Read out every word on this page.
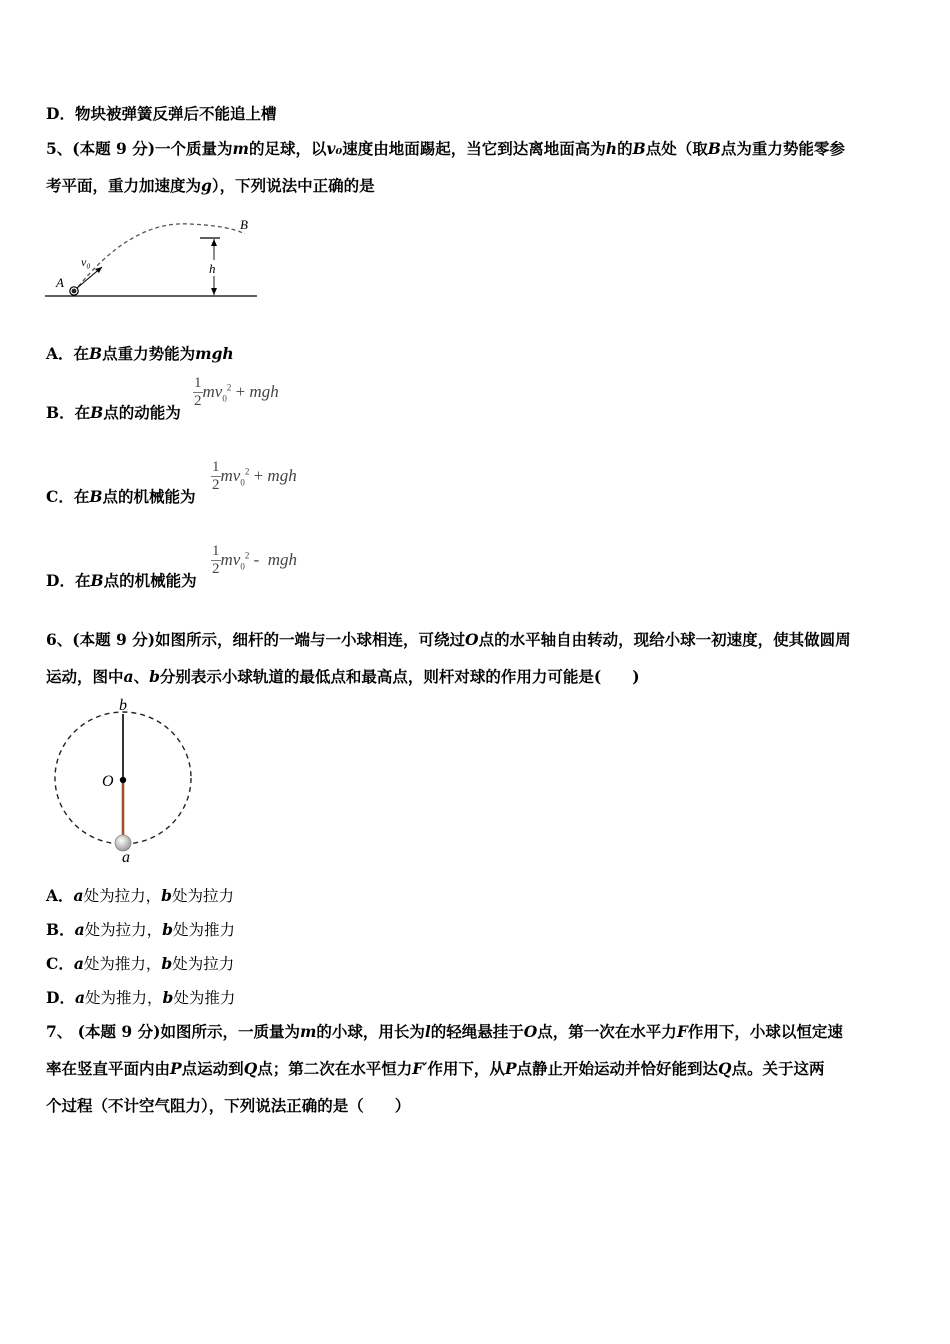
D．物块被弹簧反弹后不能追上槽
5、(本题 9 分)一个质量为m的足球，以v₀速度由地面踢起，当它到达离地面高为h的B点处（取B点为重力势能零参
考平面，重力加速度为g），下列说法中正确的是
v₀
A
B
h
A．在B点重力势能为mgh
B．在B点的动能为
$\frac{1}{2} mv_0^2$ + mgh
C．在B点的机械能为
$\frac{1}{2} mv_0^2$ + mgh
D．在B点的机械能为
$\frac{1}{2} mv_0^2$ -  mgh
6、(本题 9 分)如图所示，细杆的一端与一小球相连，可绕过O点的水平轴自由转动，现给小球一初速度，使其做圆周
运动，图中a、b分别表示小球轨道的最低点和最高点，则杆对球的作用力可能是(　　)
b
O
a
A．a处为拉力，b处为拉力
B．a处为拉力，b处为推力
C．a处为推力，b处为拉力
D．a处为推力，b处为推力
7、 (本题 9 分)如图所示，一质量为m的小球，用长为l的轻绳悬挂于O点，第一次在水平力F作用下，小球以恒定速
率在竖直平面内由P点运动到Q点；第二次在水平恒力F′作用下，从P点静止开始运动并恰好能到达Q点。关于这两
个过程（不计空气阻力），下列说法正确的是（　　）
